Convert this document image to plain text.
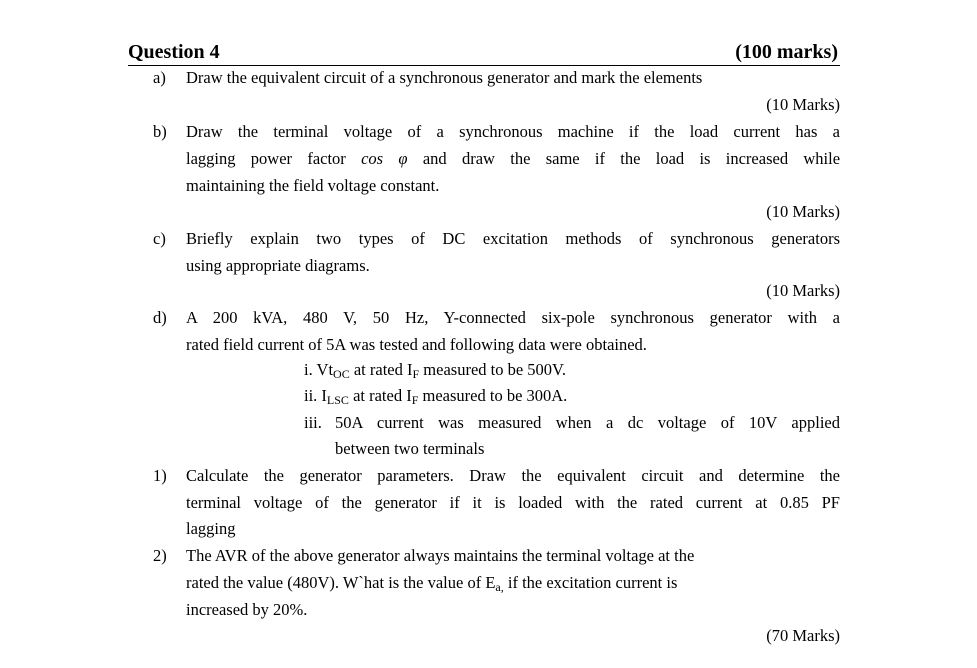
Question 4	(100 marks)
a) Draw the equivalent circuit of a synchronous generator and mark the elements
(10 Marks)
b) Draw the terminal voltage of a synchronous machine if the load current has a
lagging power factor cos φ and draw the same if the load is increased while
maintaining the field voltage constant.
(10 Marks)
c) Briefly explain two types of DC excitation methods of synchronous generators
using appropriate diagrams.
(10 Marks)
d) A 200 kVA, 480 V, 50 Hz, Y-connected six-pole synchronous generator with a
rated field current of 5A was tested and following data were obtained.
i. VtOC at rated IF measured to be 500V.
ii. ILSC at rated IF measured to be 300A.
iii. 50A current was measured when a dc voltage of 10V applied
between two terminals
1) Calculate the generator parameters. Draw the equivalent circuit and determine the
terminal voltage of the generator if it is loaded with the rated current at 0.85 PF
lagging
2) The AVR of the above generator always maintains the terminal voltage at the
rated the value (480V). W`hat is the value of Ea, if the excitation current is
increased by 20%.
(70 Marks)
